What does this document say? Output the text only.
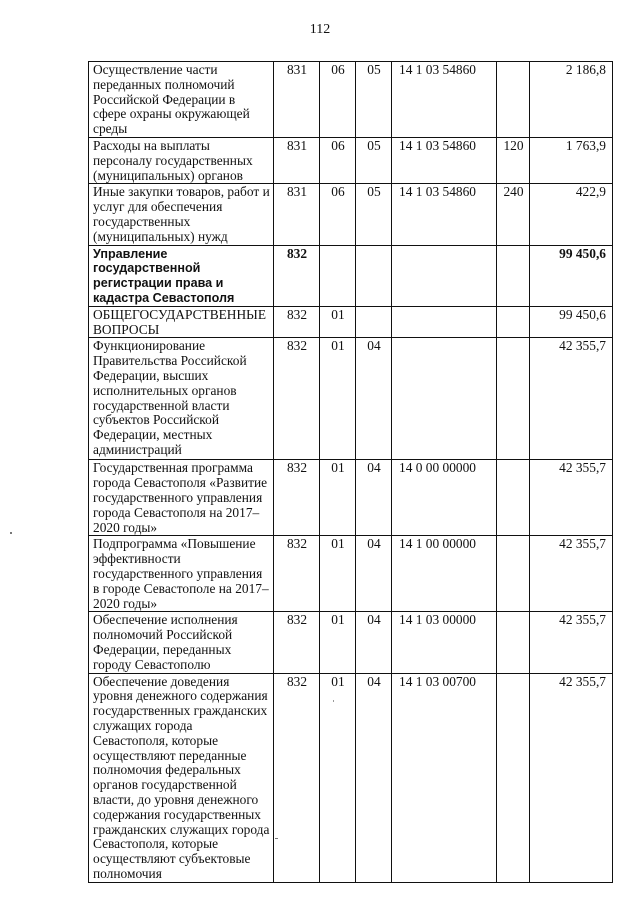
112
Осуществление части переданных полномочий Российской Федерации в сфере охраны окружающей среды	831	06	05	14 1 03 54860		2 186,8
Расходы на выплаты персоналу государственных (муниципальных) органов	831	06	05	14 1 03 54860	120	1 763,9
Иные закупки товаров, работ и услуг для обеспечения государственных (муниципальных) нужд	831	06	05	14 1 03 54860	240	422,9
Управление государственной регистрации права и кадастра Севастополя	832					99 450,6
ОБЩЕГОСУДАРСТВЕННЫЕ ВОПРОСЫ	832	01				99 450,6
Функционирование Правительства Российской Федерации, высших исполнительных органов государственной власти субъектов Российской Федерации, местных администраций	832	01	04			42 355,7
Государственная программа города Севастополя «Развитие государственного управления города Севастополя на 2017–2020 годы»	832	01	04	14 0 00 00000		42 355,7
Подпрограмма «Повышение эффективности государственного управления в городе Севастополе на 2017–2020 годы»	832	01	04	14 1 00 00000		42 355,7
Обеспечение исполнения полномочий Российской Федерации, переданных городу Севастополю	832	01	04	14 1 03 00000		42 355,7
Обеспечение доведения уровня денежного содержания государственных гражданских служащих города Севастополя, которые осуществляют переданные полномочия федеральных органов государственной власти, до уровня денежного содержания государственных гражданских служащих города Севастополя, которые осуществляют субъектовые полномочия	832	01	04	14 1 03 00700		42 355,7
